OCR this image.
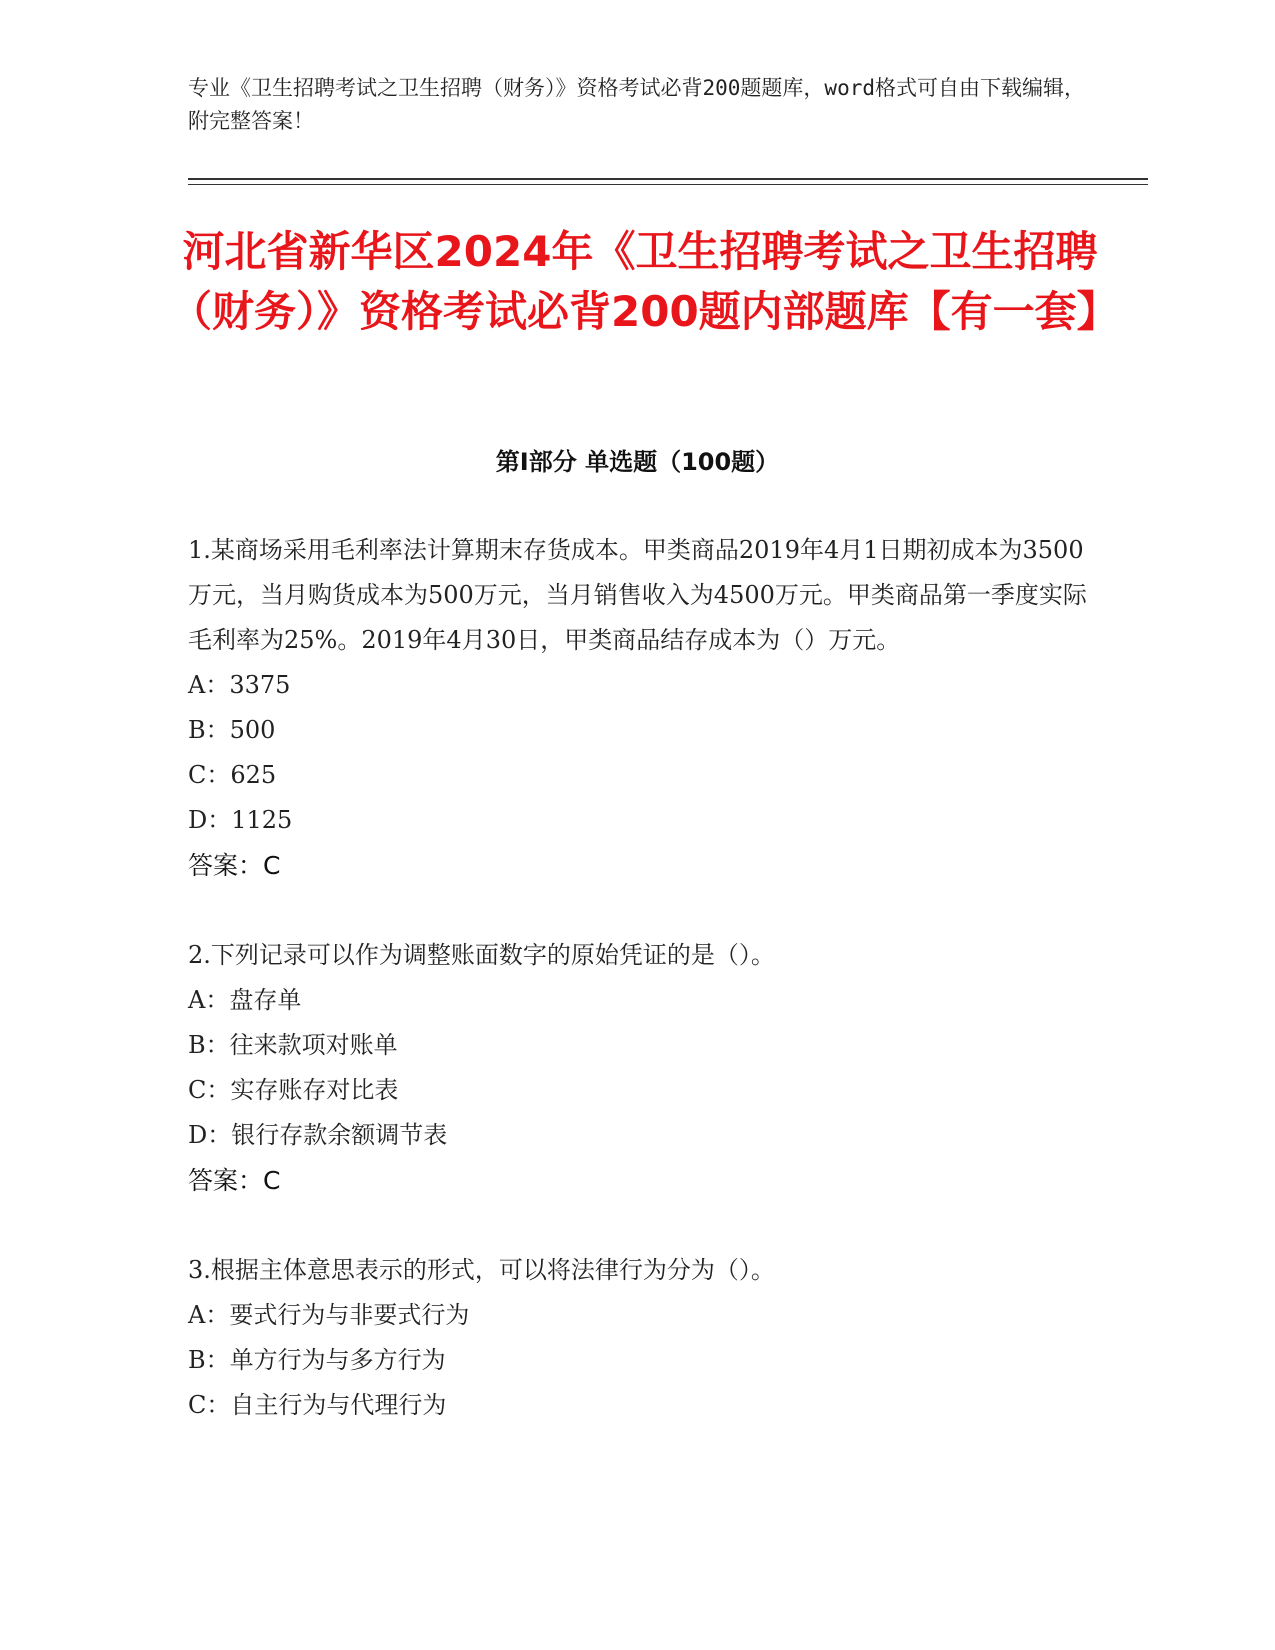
专业《卫生招聘考试之卫生招聘（财务）》资格考试必背200题题库，word格式可自由下载编辑，附完整答案！
河北省新华区2024年《卫生招聘考试之卫生招聘（财务）》资格考试必背200题内部题库【有一套】
第Ⅰ部分 单选题（100题）

1.某商场采用毛利率法计算期末存货成本。甲类商品2019年4月1日期初成本为3500万元，当月购货成本为500万元，当月销售收入为4500万元。甲类商品第一季度实际毛利率为25%。2019年4月30日，甲类商品结存成本为（）万元。

A：3375

B：500

C：625

D：1125

答案：C

2.下列记录可以作为调整账面数字的原始凭证的是（）。

A：盘存单

B：往来款项对账单

C：实存账存对比表

D：银行存款余额调节表

答案：C

3.根据主体意思表示的形式，可以将法律行为分为（）。

A：要式行为与非要式行为

B：单方行为与多方行为

C：自主行为与代理行为
